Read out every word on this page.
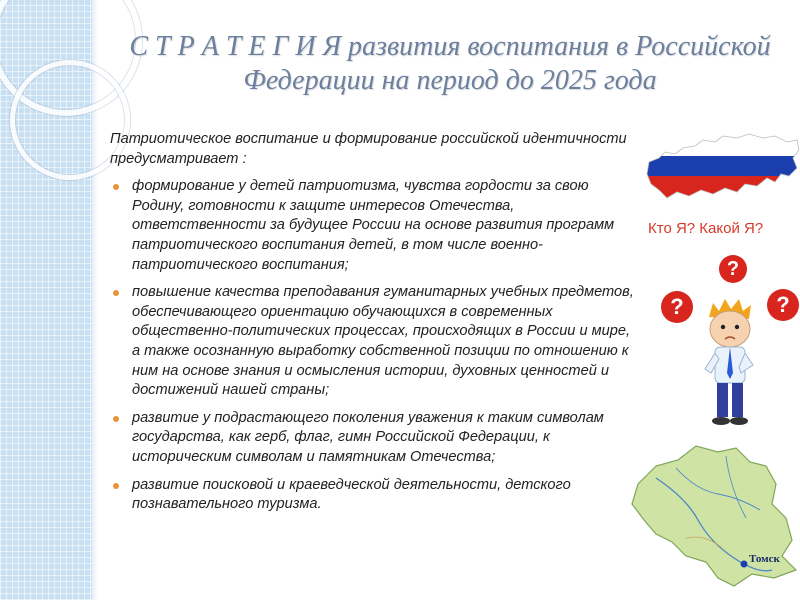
С Т Р А Т Е Г И Я развития воспитания в Российской
Федерации на период до 2025 года

Патриотическое воспитание и формирование российской идентичности предусматривает :

формирование у детей патриотизма, чувства гордости за свою Родину, готовности к защите интересов Отечества, ответственности за будущее России на основе развития программ патриотического воспитания детей, в том числе военно-патриотического воспитания;
повышение качества преподавания гуманитарных учебных предметов, обеспечивающего ориентацию обучающихся в современных общественно-политических процессах, происходящих в России и мире, а также осознанную выработку собственной позиции по отношению к ним на основе знания и осмысления истории, духовных ценностей и достижений нашей страны;
развитие у подрастающего поколения уважения к таким символам государства, как герб, флаг, гимн Российской Федерации, к историческим символам и памятникам Отечества;
развитие поисковой и краеведческой деятельности, детского познавательного туризма.
Кто Я? Какой Я?
?
?	?
Томск
